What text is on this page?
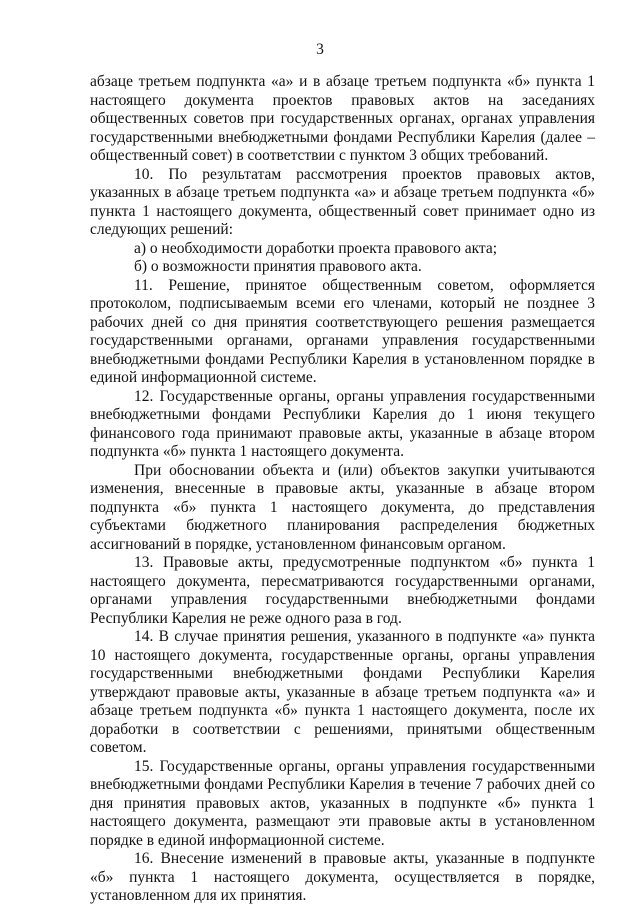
3

абзаце третьем подпункта «а» и в абзаце третьем подпункта «б» пункта 1 настоящего документа проектов правовых актов на заседаниях общественных советов при государственных органах, органах управления государственными внебюджетными фондами Республики Карелия (далее – общественный совет) в соответствии с пунктом 3 общих требований.

10. По результатам рассмотрения проектов правовых актов, указанных в абзаце третьем подпункта «а» и абзаце третьем подпункта «б» пункта 1 настоящего документа, общественный совет принимает одно из следующих решений:

а) о необходимости доработки проекта правового акта;

б) о возможности принятия правового акта.

11. Решение, принятое общественным советом, оформляется протоколом, подписываемым всеми его членами, который не позднее 3 рабочих дней со дня принятия соответствующего решения размещается государственными органами, органами управления государственными внебюджетными фондами Республики Карелия в установленном порядке в единой информационной системе.

12. Государственные органы, органы управления государственными внебюджетными фондами Республики Карелия до 1 июня текущего финансового года принимают правовые акты, указанные в абзаце втором подпункта «б» пункта 1 настоящего документа.

При обосновании объекта и (или) объектов закупки учитываются изменения, внесенные в правовые акты, указанные в абзаце втором подпункта «б» пункта 1 настоящего документа, до представления субъектами бюджетного планирования распределения бюджетных ассигнований в порядке, установленном финансовым органом.

13. Правовые акты, предусмотренные подпунктом «б» пункта 1 настоящего документа, пересматриваются государственными органами, органами управления государственными внебюджетными фондами Республики Карелия не реже одного раза в год.

14. В случае принятия решения, указанного в подпункте «а» пункта 10 настоящего документа, государственные органы, органы управления государственными внебюджетными фондами Республики Карелия утверждают правовые акты, указанные в абзаце третьем подпункта «а» и абзаце третьем подпункта «б» пункта 1 настоящего документа, после их доработки в соответствии с решениями, принятыми общественным советом.

15. Государственные органы, органы управления государственными внебюджетными фондами Республики Карелия в течение 7 рабочих дней со дня принятия правовых актов, указанных в подпункте «б» пункта 1 настоящего документа, размещают эти правовые акты в установленном порядке в единой информационной системе.

16. Внесение изменений в правовые акты, указанные в подпункте «б» пункта 1 настоящего документа, осуществляется в порядке, установленном для их принятия.
